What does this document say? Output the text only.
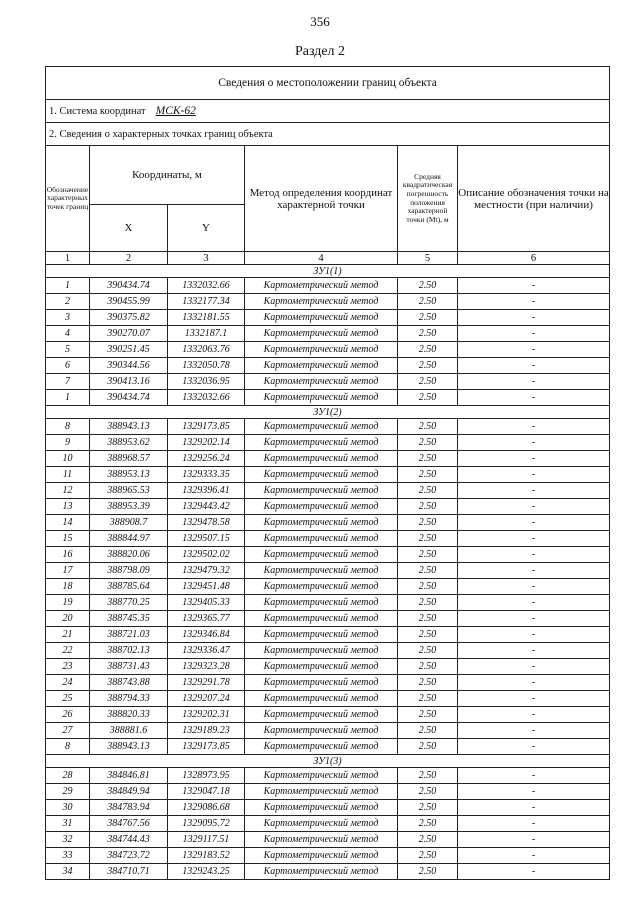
356
Раздел 2
Сведения о местоположении границ объекта					
1. Система координат МСК-62					
2. Сведения о характерных точках границ объекта					
Обозначение характерных точек границ	Координаты, м		Метод определения координат характерной точки	Средняя квадратическая погрешность положения характерной точки (Мt), м	Описание обозначения точки на местности (при наличии)
	X	Y			
1	2	3	4	5	6
ЗУ1(1)					
1	390434.74	1332032.66	Картометрический метод	2.50	-
2	390455.99	1332177.34	Картометрический метод	2.50	-
3	390375.82	1332181.55	Картометрический метод	2.50	-
4	390270.07	1332187.1	Картометрический метод	2.50	-
5	390251.45	1332063.76	Картометрический метод	2.50	-
6	390344.56	1332050.78	Картометрический метод	2.50	-
7	390413.16	1332036.95	Картометрический метод	2.50	-
1	390434.74	1332032.66	Картометрический метод	2.50	-
ЗУ1(2)					
8	388943.13	1329173.85	Картометрический метод	2.50	-
9	388953.62	1329202.14	Картометрический метод	2.50	-
10	388968.57	1329256.24	Картометрический метод	2.50	-
11	388953.13	1329333.35	Картометрический метод	2.50	-
12	388965.53	1329396.41	Картометрический метод	2.50	-
13	388953.39	1329443.42	Картометрический метод	2.50	-
14	388908.7	1329478.58	Картометрический метод	2.50	-
15	388844.97	1329507.15	Картометрический метод	2.50	-
16	388820.06	1329502.02	Картометрический метод	2.50	-
17	388798.09	1329479.32	Картометрический метод	2.50	-
18	388785.64	1329451.48	Картометрический метод	2.50	-
19	388770.25	1329405.33	Картометрический метод	2.50	-
20	388745.35	1329365.77	Картометрический метод	2.50	-
21	388721.03	1329346.84	Картометрический метод	2.50	-
22	388702.13	1329336.47	Картометрический метод	2.50	-
23	388731.43	1329323.28	Картометрический метод	2.50	-
24	388743.88	1329291.78	Картометрический метод	2.50	-
25	388794.33	1329207.24	Картометрический метод	2.50	-
26	388820.33	1329202.31	Картометрический метод	2.50	-
27	388881.6	1329189.23	Картометрический метод	2.50	-
8	388943.13	1329173.85	Картометрический метод	2.50	-
ЗУ1(3)					
28	384846.81	1328973.95	Картометрический метод	2.50	-
29	384849.94	1329047.18	Картометрический метод	2.50	-
30	384783.94	1329086.68	Картометрический метод	2.50	-
31	384767.56	1329095.72	Картометрический метод	2.50	-
32	384744.43	1329117.51	Картометрический метод	2.50	-
33	384723.72	1329183.52	Картометрический метод	2.50	-
34	384710.71	1329243.25	Картометрический метод	2.50	-
